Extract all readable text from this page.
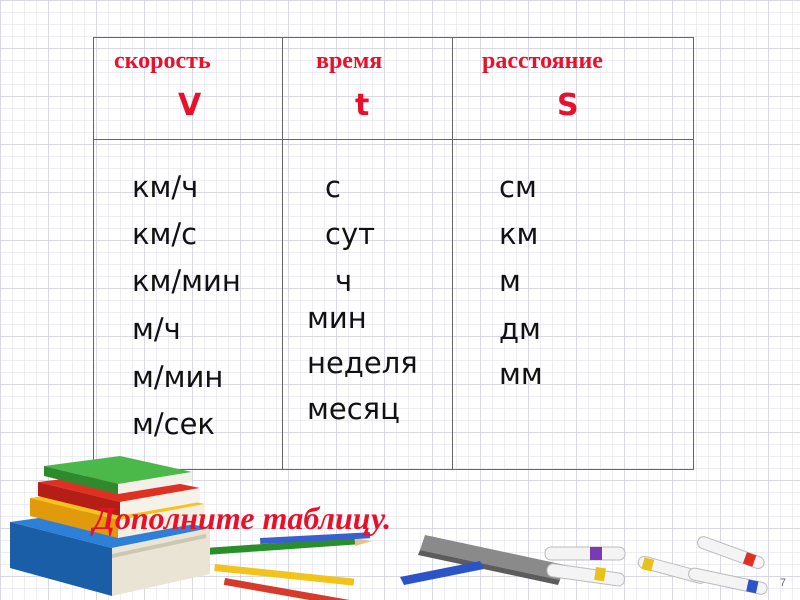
скорость
V
время
t
расстояние
S
км/ч
км/с
км/мин
м/ч
м/мин
м/сек
с
сут
ч
мин
неделя
месяц
см
км
м
дм
мм
Дополните таблицу.
7
